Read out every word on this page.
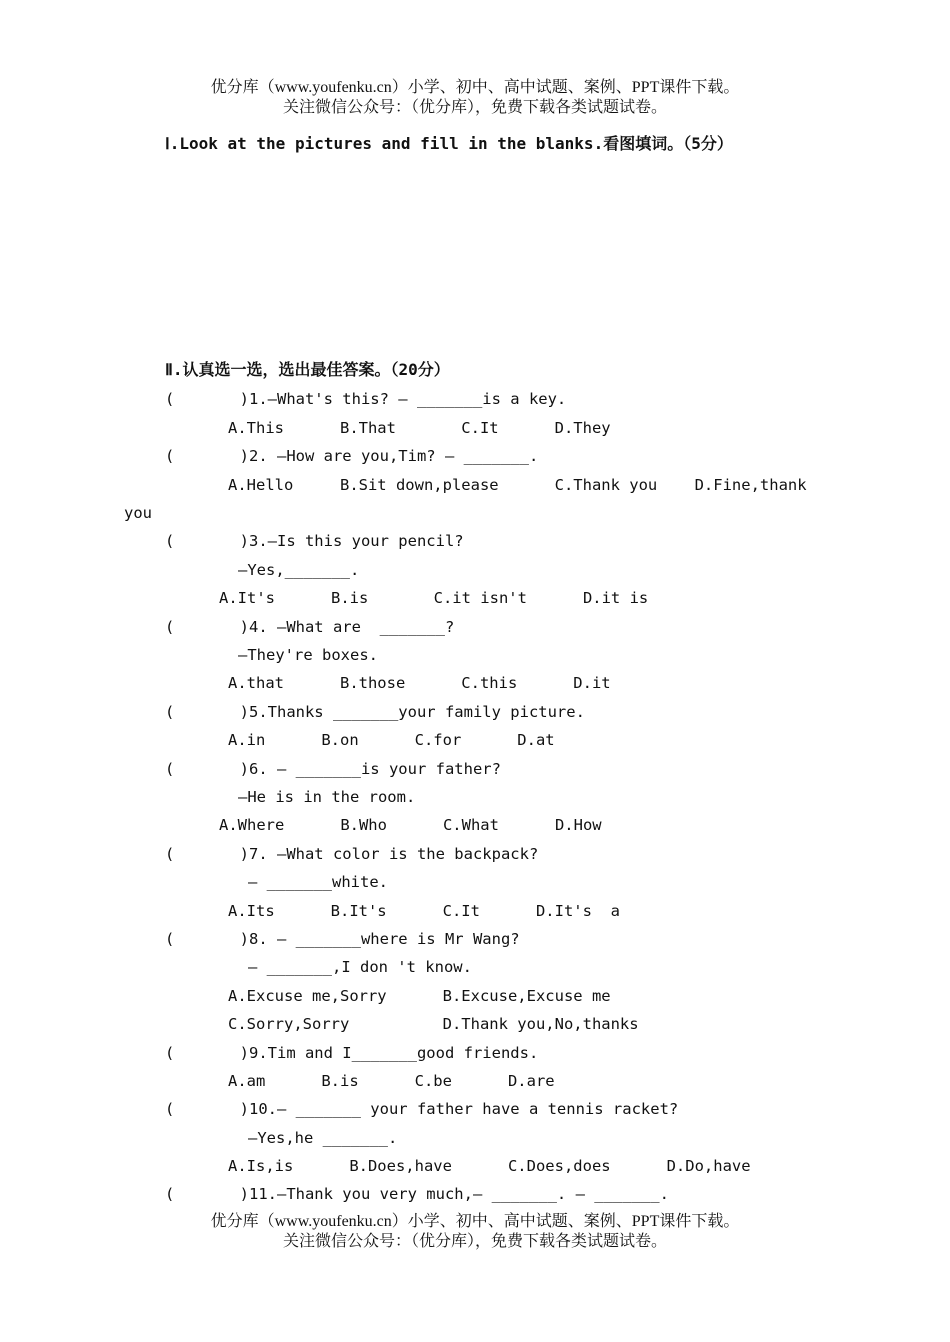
优分库（www.youfenku.cn）小学、初中、高中试题、案例、PPT课件下载。
关注微信公众号：（优分库），免费下载各类试题试卷。
Ⅰ.Look at the pictures and fill in the blanks.看图填词。（5分）
Ⅱ.认真选一选，选出最佳答案。（20分）
(       )1.—What's this? — _______is a key.
A.This      B.That       C.It      D.They
(       )2. —How are you,Tim? — _______.
A.Hello     B.Sit down,please      C.Thank you    D.Fine,thank
you
(       )3.—Is this your pencil?
—Yes,_______.
A.It's      B.is       C.it isn't      D.it is
(       )4. —What are  _______?
—They're boxes.
A.that      B.those      C.this      D.it
(       )5.Thanks _______your family picture.
A.in      B.on      C.for      D.at
(       )6. — _______is your father?
—He is in the room.
A.Where      B.Who      C.What      D.How
(       )7. —What color is the backpack?
— _______white.
A.Its      B.It's      C.It      D.It's  a
(       )8. — _______where is Mr Wang?
— _______,I don 't know.
A.Excuse me,Sorry      B.Excuse,Excuse me
C.Sorry,Sorry          D.Thank you,No,thanks
(       )9.Tim and I_______good friends.
A.am      B.is      C.be      D.are
(       )10.— _______ your father have a tennis racket?
—Yes,he _______.
A.Is,is      B.Does,have      C.Does,does      D.Do,have
(       )11.—Thank you very much,— _______. — _______.
优分库（www.youfenku.cn）小学、初中、高中试题、案例、PPT课件下载。
关注微信公众号：（优分库），免费下载各类试题试卷。
